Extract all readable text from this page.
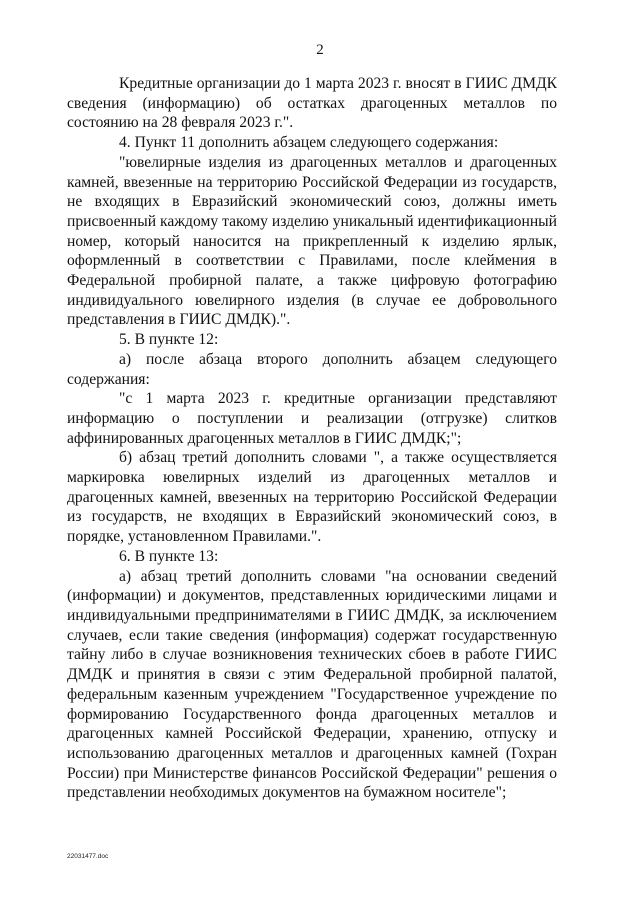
2

Кредитные организации до 1 марта 2023 г. вносят в ГИИС ДМДК сведения (информацию) об остатках драгоценных металлов по состоянию на 28 февраля 2023 г.".

4. Пункт 11 дополнить абзацем следующего содержания:

"ювелирные изделия из драгоценных металлов и драгоценных камней, ввезенные на территорию Российской Федерации из государств, не входящих в Евразийский экономический союз, должны иметь присвоенный каждому такому изделию уникальный идентификационный номер, который наносится на прикрепленный к изделию ярлык, оформленный в соответствии с Правилами, после клеймения в Федеральной пробирной палате, а также цифровую фотографию индивидуального ювелирного изделия (в случае ее добровольного представления в ГИИС ДМДК).".

5. В пункте 12:

а) после абзаца второго дополнить абзацем следующего содержания:

"с 1 марта 2023 г. кредитные организации представляют информацию о поступлении и реализации (отгрузке) слитков аффинированных драгоценных металлов в ГИИС ДМДК;";

б) абзац третий дополнить словами ", а также осуществляется маркировка ювелирных изделий из драгоценных металлов и драгоценных камней, ввезенных на территорию Российской Федерации из государств, не входящих в Евразийский экономический союз, в порядке, установленном Правилами.".

6. В пункте 13:

а) абзац третий дополнить словами "на основании сведений (информации) и документов, представленных юридическими лицами и индивидуальными предпринимателями в ГИИС ДМДК, за исключением случаев, если такие сведения (информация) содержат государственную тайну либо в случае возникновения технических сбоев в работе ГИИС ДМДК и принятия в связи с этим Федеральной пробирной палатой, федеральным казенным учреждением "Государственное учреждение по формированию Государственного фонда драгоценных металлов и драгоценных камней Российской Федерации, хранению, отпуску и использованию драгоценных металлов и драгоценных камней (Гохран России) при Министерстве финансов Российской Федерации" решения о представлении необходимых документов на бумажном носителе";

22031477.doc
